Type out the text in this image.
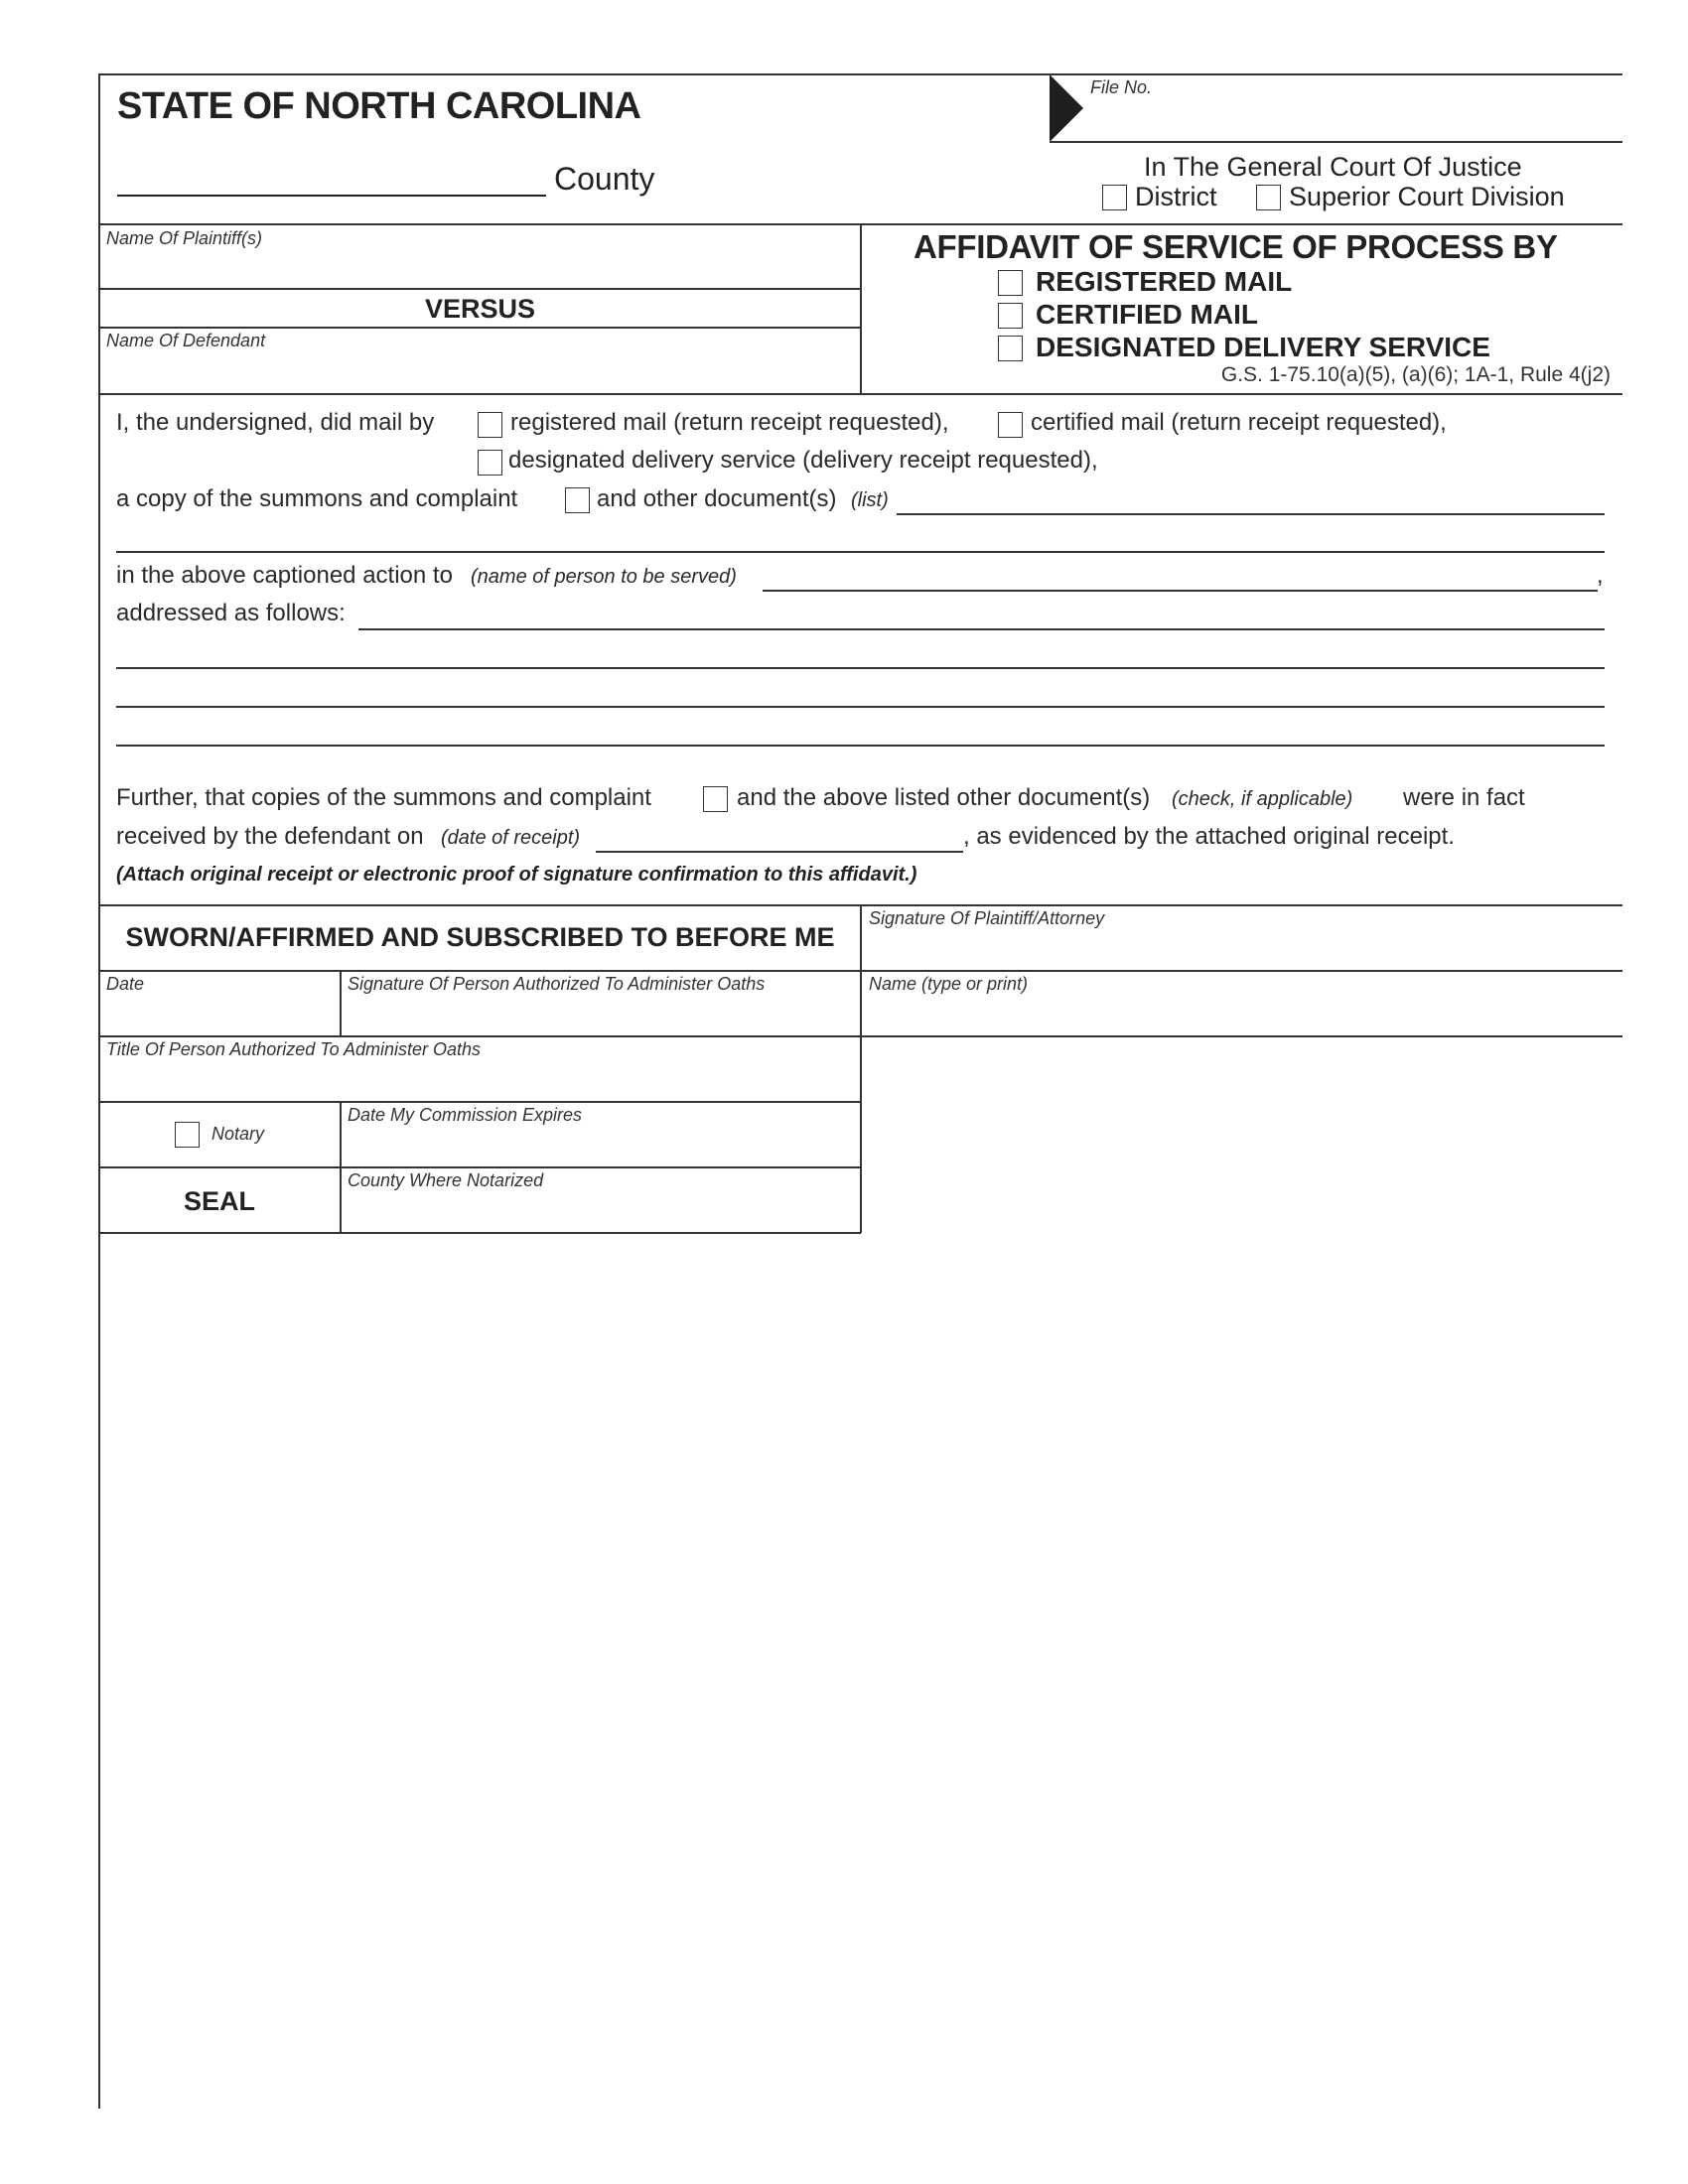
STATE OF NORTH CAROLINA
County
File No.
In The General Court Of Justice
District	Superior Court Division
Name Of Plaintiff(s)
VERSUS
Name Of Defendant
AFFIDAVIT OF SERVICE OF PROCESS BY
REGISTERED MAIL
CERTIFIED MAIL
DESIGNATED DELIVERY SERVICE
G.S. 1-75.10(a)(5), (a)(6); 1A-1, Rule 4(j2)
I, the undersigned, did mail by	registered mail (return receipt requested),	certified mail (return receipt requested),
designated delivery service (delivery receipt requested),
a copy of the summons and complaint	and other document(s) (list)
in the above captioned action to (name of person to be served)	,
addressed as follows:
Further, that copies of the summons and complaint	and the above listed other document(s) (check, if applicable) were in fact
received by the defendant on (date of receipt)	, as evidenced by the attached original receipt.
(Attach original receipt or electronic proof of signature confirmation to this affidavit.)
SWORN/AFFIRMED AND SUBSCRIBED TO BEFORE ME
Signature Of Plaintiff/Attorney
Date	Signature Of Person Authorized To Administer Oaths	Name (type or print)
Title Of Person Authorized To Administer Oaths
Notary
Date My Commission Expires
SEAL
County Where Notarized
